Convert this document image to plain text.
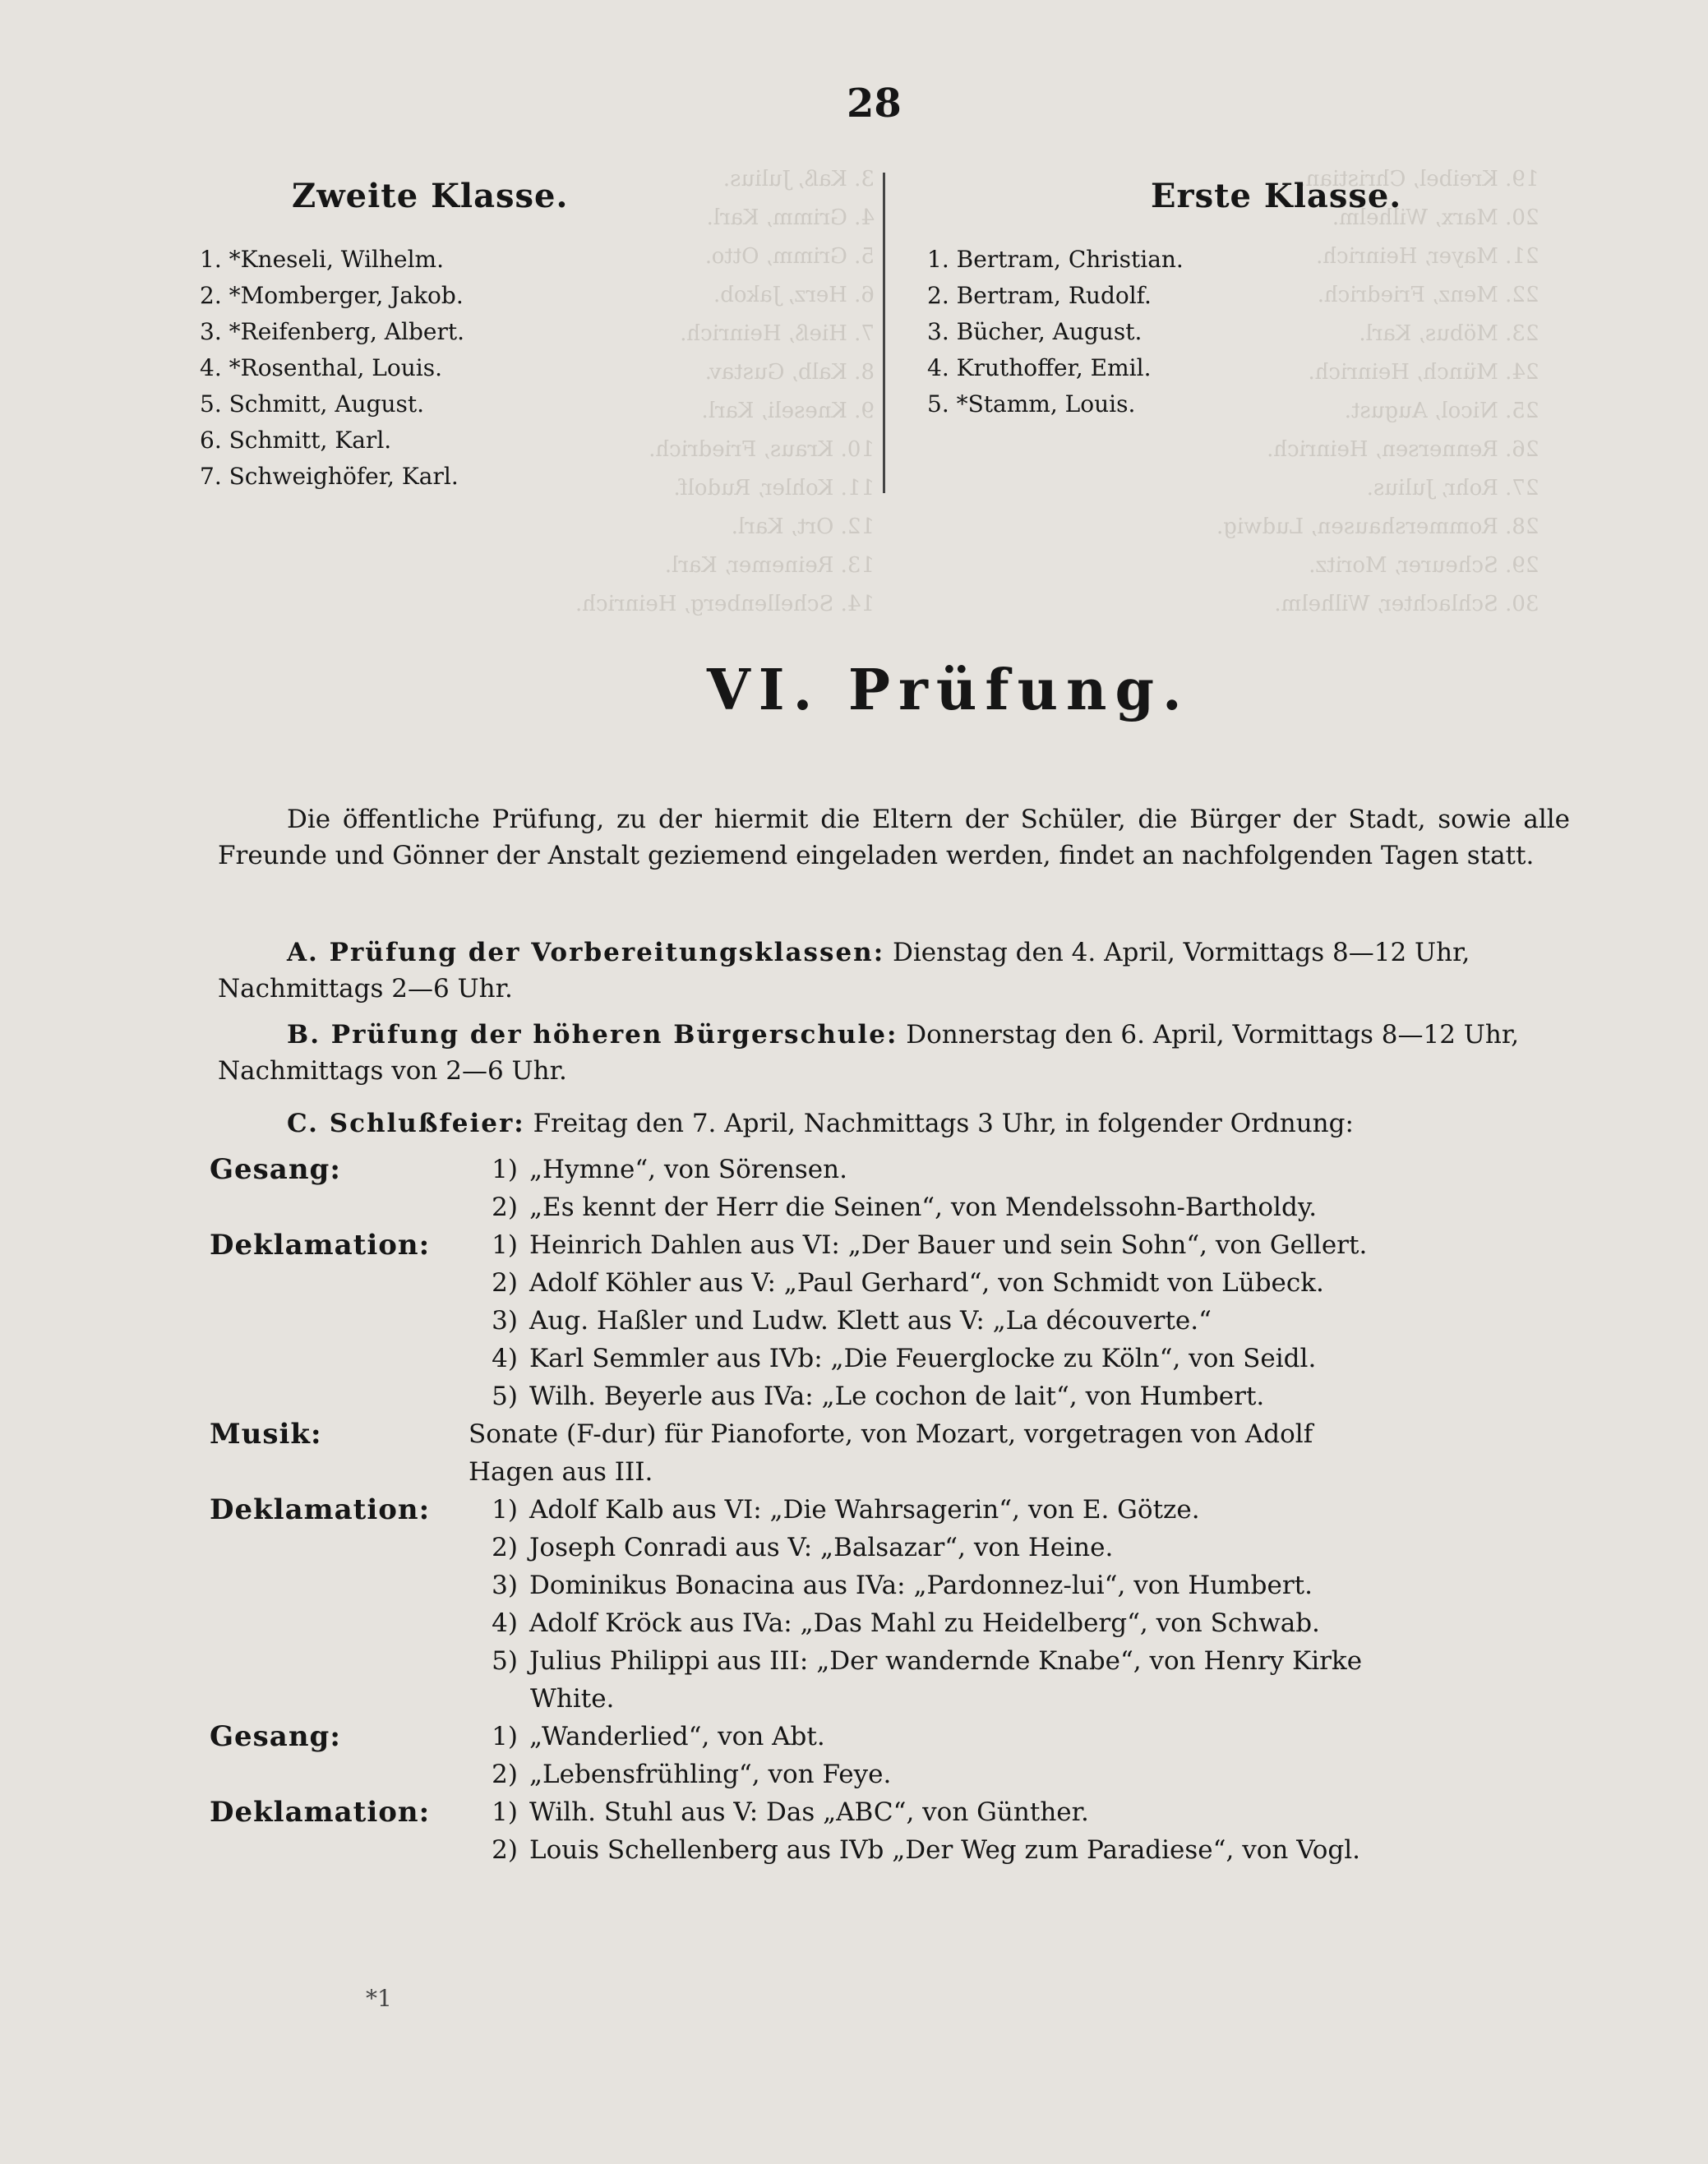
3. Kaß, Julius.
4. Grimm, Karl.
5. Grimm, Otto.
6. Herz, Jakob.
7. Hieß, Heinrich.
8. Kalb, Gustav.
9. Kneseli, Karl.
10. Kraus, Friedrich.
11. Kohler, Rudolf.
12. Ort, Karl.
13. Reinemer, Karl.
14. Schellenberg, Heinrich.
19. Kreibel, Christian.
20. Marx, Wilhelm.
21. Mayer, Heinrich.
22. Menz, Friedrich.
23. Möbus, Karl.
24. Münch, Heinrich.
25. Nicol, August.
26. Rennersen, Heinrich.
27. Rohr, Julius.
28. Rommershausen, Ludwig.
29. Scheurer, Moritz.
30. Schlachter, Wilhelm.
28
Zweite Klasse.
1. *Kneseli, Wilhelm.
2. *Momberger, Jakob.
3. *Reifenberg, Albert.
4. *Rosenthal, Louis.
5. Schmitt, August.
6. Schmitt, Karl.
7. Schweighöfer, Karl.
Erste Klasse.
1. Bertram, Christian.
2. Bertram, Rudolf.
3. Bücher, August.
4. Kruthoffer, Emil.
5. *Stamm, Louis.
VI. Prüfung.
Die öffentliche Prüfung, zu der hiermit die Eltern der Schüler, die Bürger der Stadt, sowie alle Freunde und Gönner der Anstalt geziemend eingeladen werden, findet an nachfolgenden Tagen statt.
A. Prüfung der Vorbereitungsklassen: Dienstag den 4. April, Vormittags 8—12 Uhr, Nachmittags 2—6 Uhr.
B. Prüfung der höheren Bürgerschule: Donnerstag den 6. April, Vormittags 8—12 Uhr, Nachmittags von 2—6 Uhr.
C. Schlußfeier: Freitag den 7. April, Nachmittags 3 Uhr, in folgender Ordnung:
Gesang:	1) „Hymne“, von Sörensen.
2) „Es kennt der Herr die Seinen“, von Mendelssohn-Bartholdy.
Deklamation:	1) Heinrich Dahlen aus VI: „Der Bauer und sein Sohn“, von Gellert.
2) Adolf Köhler aus V: „Paul Gerhard“, von Schmidt von Lübeck.
3) Aug. Haßler und Ludw. Klett aus V: „La découverte.“
4) Karl Semmler aus IVb: „Die Feuerglocke zu Köln“, von Seidl.
5) Wilh. Beyerle aus IVa: „Le cochon de lait“, von Humbert.
Musik:	Sonate (F-dur) für Pianoforte, von Mozart, vorgetragen von Adolf
Hagen aus III.
Deklamation:	1) Adolf Kalb aus VI: „Die Wahrsagerin“, von E. Götze.
2) Joseph Conradi aus V: „Balsazar“, von Heine.
3) Dominikus Bonacina aus IVa: „Pardonnez-lui“, von Humbert.
4) Adolf Kröck aus IVa: „Das Mahl zu Heidelberg“, von Schwab.
5) Julius Philippi aus III: „Der wandernde Knabe“, von Henry Kirke
White.
Gesang:	1) „Wanderlied“, von Abt.
2) „Lebensfrühling“, von Feye.
Deklamation:	1) Wilh. Stuhl aus V: Das „ABC“, von Günther.
2) Louis Schellenberg aus IVb „Der Weg zum Paradiese“, von Vogl.
*1
